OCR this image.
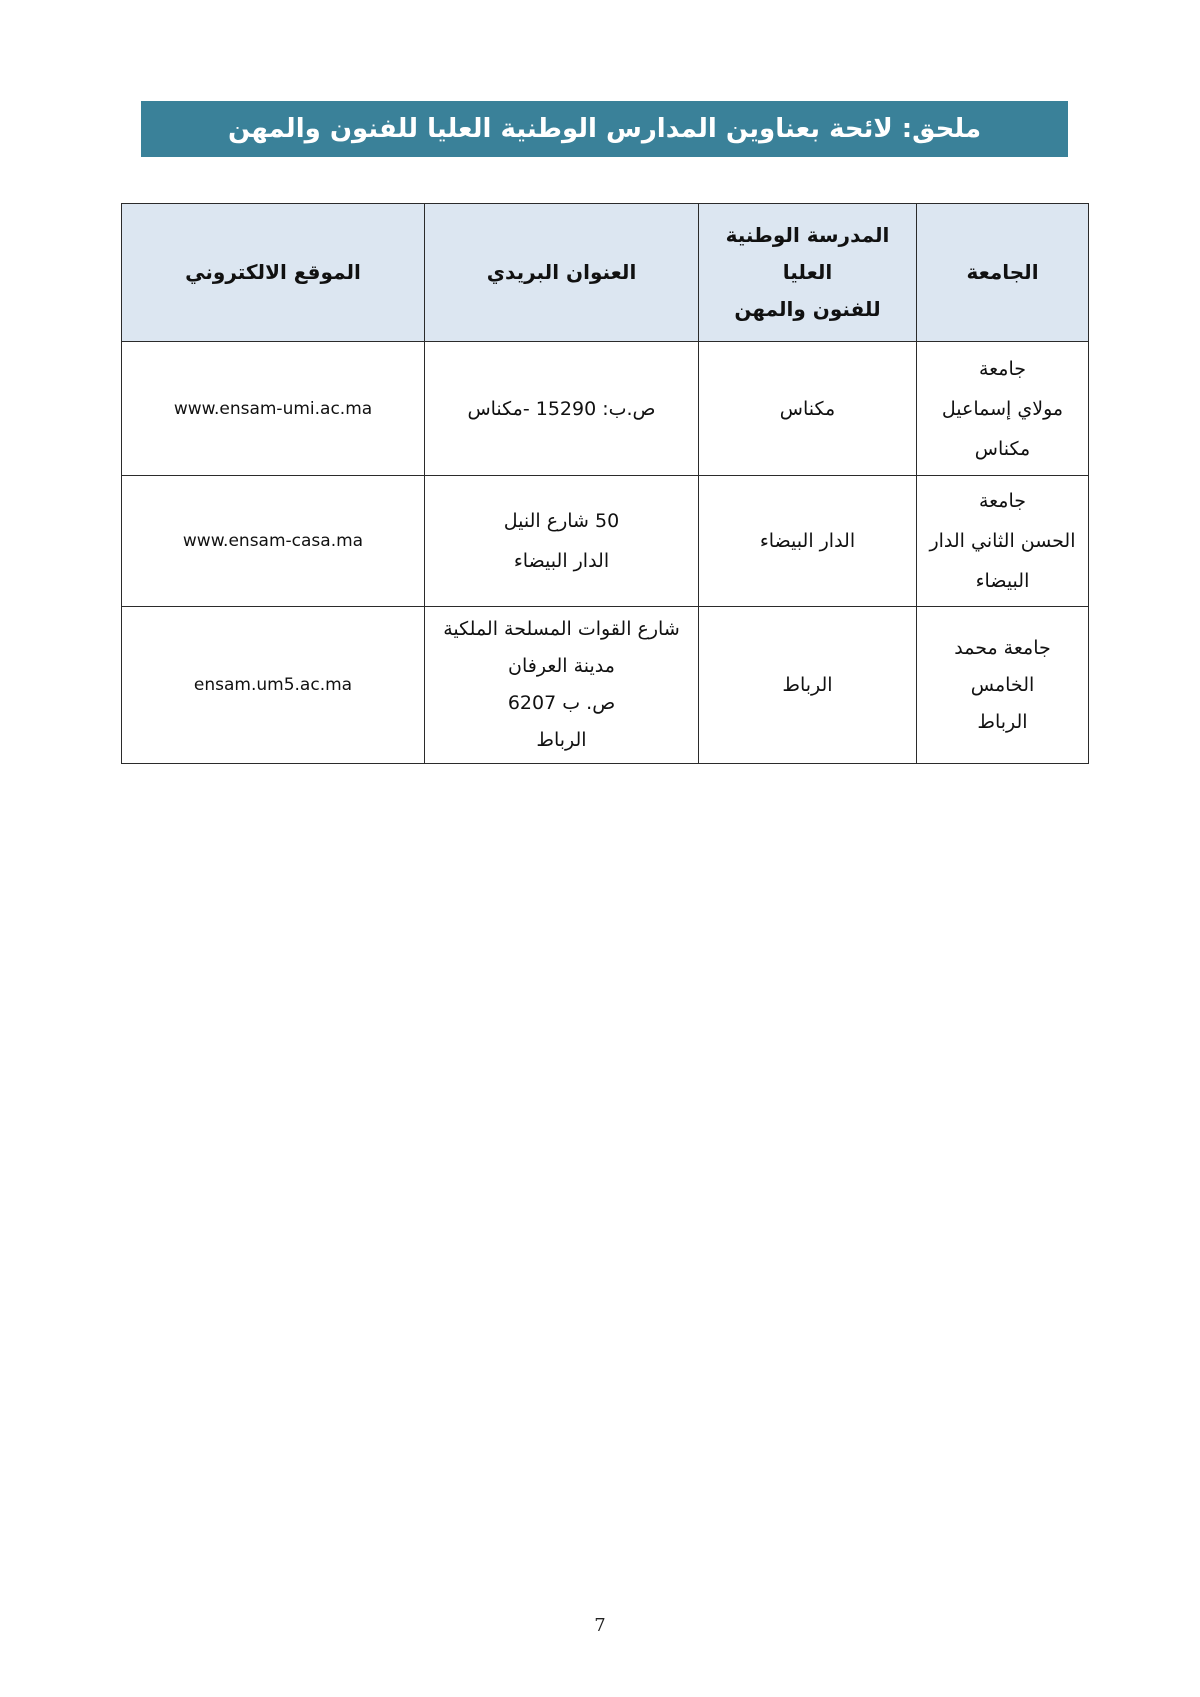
ملحق: لائحة بعناوين المدارس الوطنية العليا للفنون والمهن
الجامعة	المدرسة الوطنية العليا
للفنون والمهن	العنوان البريدي	الموقع الالكتروني

جامعة
مولاي إسماعيل
مكناس	مكناس	ص.ب: 15290 -مكناس	www.ensam-umi.ac.ma

جامعة
الحسن الثاني الدار
البيضاء	الدار البيضاء	50 شارع النيل
الدار البيضاء	www.ensam-casa.ma

جامعة محمد
الخامس
الرباط	الرباط	شارع القوات المسلحة الملكية
مدينة العرفان
ص. ب 6207
الرباط	ensam.um5.ac.ma
7
